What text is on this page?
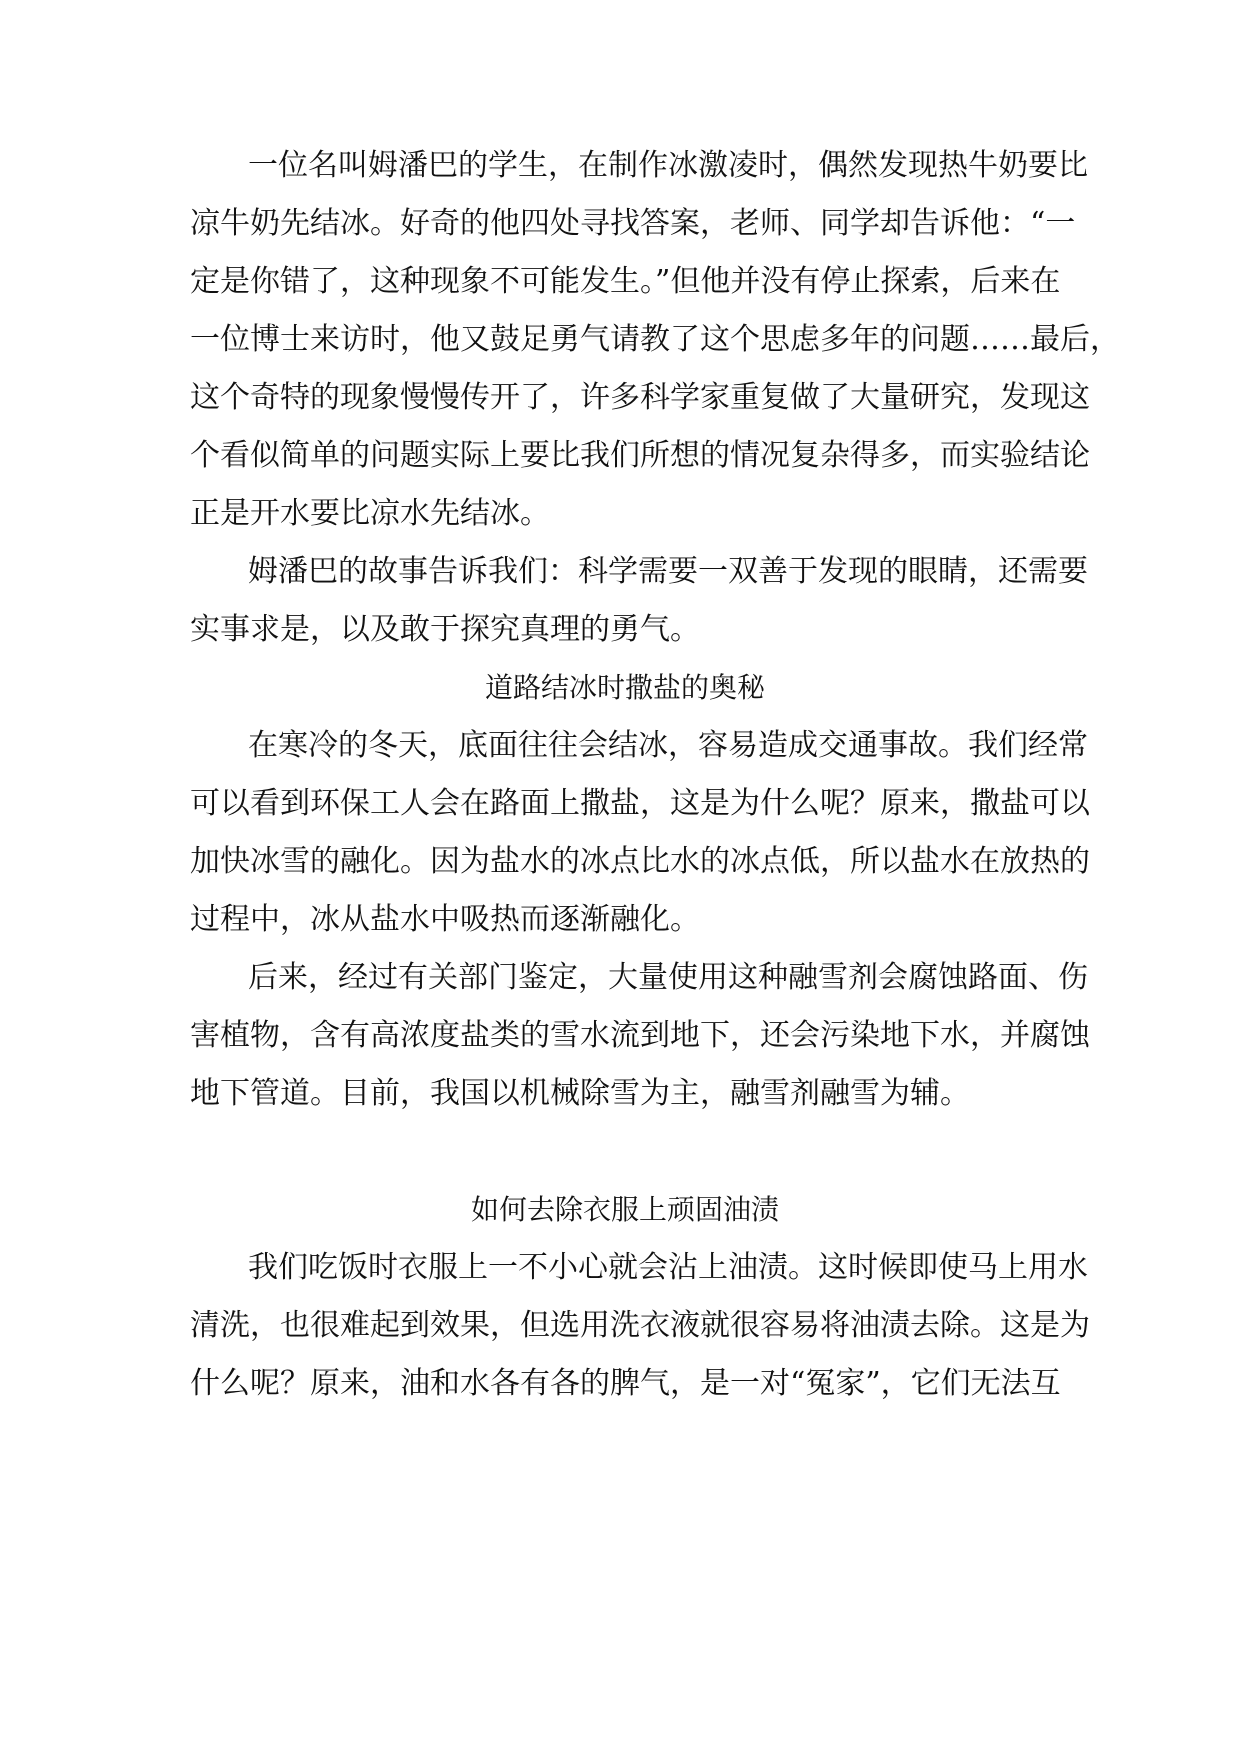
一位名叫姆潘巴的学生，在制作冰激凌时，偶然发现热牛奶要比
凉牛奶先结冰。好奇的他四处寻找答案，老师、同学却告诉他：“一
定是你错了，这种现象不可能发生。”但他并没有停止探索，后来在
一位博士来访时，他又鼓足勇气请教了这个思虑多年的问题……最后，
这个奇特的现象慢慢传开了，许多科学家重复做了大量研究，发现这
个看似简单的问题实际上要比我们所想的情况复杂得多，而实验结论
正是开水要比凉水先结冰。
姆潘巴的故事告诉我们：科学需要一双善于发现的眼睛，还需要
实事求是，以及敢于探究真理的勇气。
道路结冰时撒盐的奥秘
在寒冷的冬天，底面往往会结冰，容易造成交通事故。我们经常
可以看到环保工人会在路面上撒盐，这是为什么呢？原来，撒盐可以
加快冰雪的融化。因为盐水的冰点比水的冰点低，所以盐水在放热的
过程中，冰从盐水中吸热而逐渐融化。
后来，经过有关部门鉴定，大量使用这种融雪剂会腐蚀路面、伤
害植物，含有高浓度盐类的雪水流到地下，还会污染地下水，并腐蚀
地下管道。目前，我国以机械除雪为主，融雪剂融雪为辅。
如何去除衣服上顽固油渍
我们吃饭时衣服上一不小心就会沾上油渍。这时候即使马上用水
清洗，也很难起到效果，但选用洗衣液就很容易将油渍去除。这是为
什么呢？原来，油和水各有各的脾气，是一对“冤家”，它们无法互
